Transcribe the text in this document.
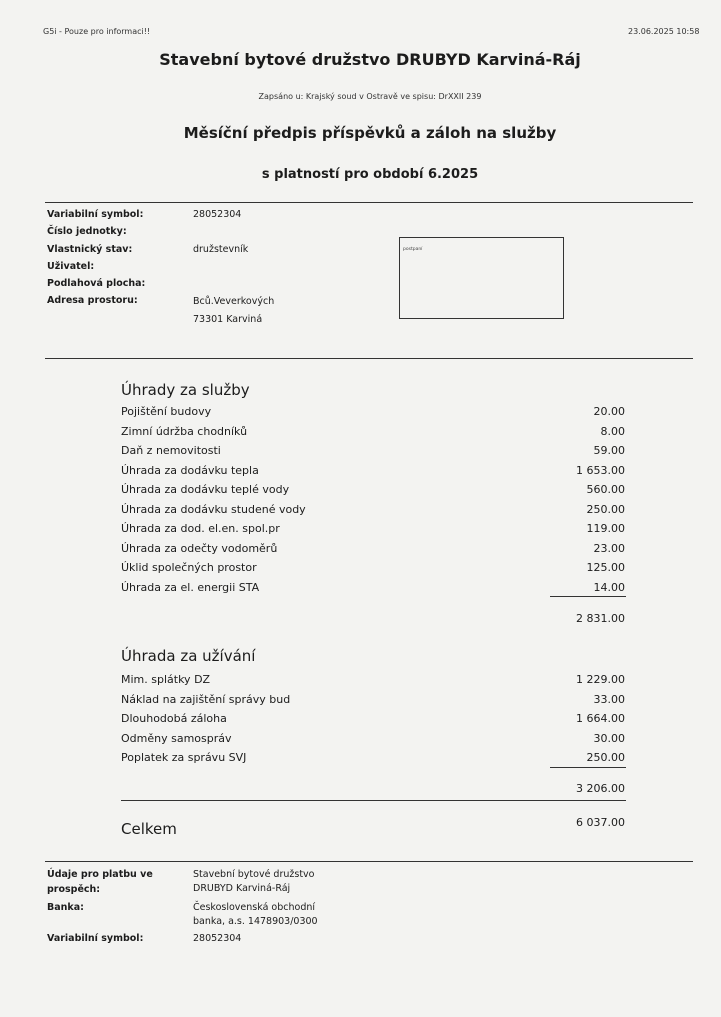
G5i - Pouze pro informaci!!	23.06.2025 10:58
Stavební bytové družstvo DRUBYD Karviná-Ráj
Zapsáno u: Krajský soud v Ostravě ve spisu: DrXXII 239
Měsíční předpis příspěvků a záloh na služby
s platností pro období 6.2025
Variabilní symbol:	28052304
Číslo jednotky:
Vlastnický stav:	družstevník
Uživatel:
Podlahová plocha:
Adresa prostoru:	Bců.Veverkových
73301 Karviná
postpaní
Úhrady za služby
Pojištění budovy	20.00
Zimní údržba chodníků	8.00
Daň z nemovitosti	59.00
Úhrada za dodávku tepla	1 653.00
Úhrada za dodávku teplé vody	560.00
Úhrada za dodávku studené vody	250.00
Úhrada za dod. el.en. spol.pr	119.00
Úhrada za odečty vodoměrů	23.00
Úklid společných prostor	125.00
Úhrada za el. energii STA	14.00
2 831.00
Úhrada za užívání
Mim. splátky DZ	1 229.00
Náklad na zajištění správy bud	33.00
Dlouhodobá záloha	1 664.00
Odměny samospráv	30.00
Poplatek za správu SVJ	250.00
3 206.00
Celkem	6 037.00
Údaje pro platbu ve
prospěch:
Stavební bytové družstvo
DRUBYD Karviná-Ráj
Banka:	Československá obchodní
banka, a.s. 1478903/0300
Variabilní symbol:	28052304
